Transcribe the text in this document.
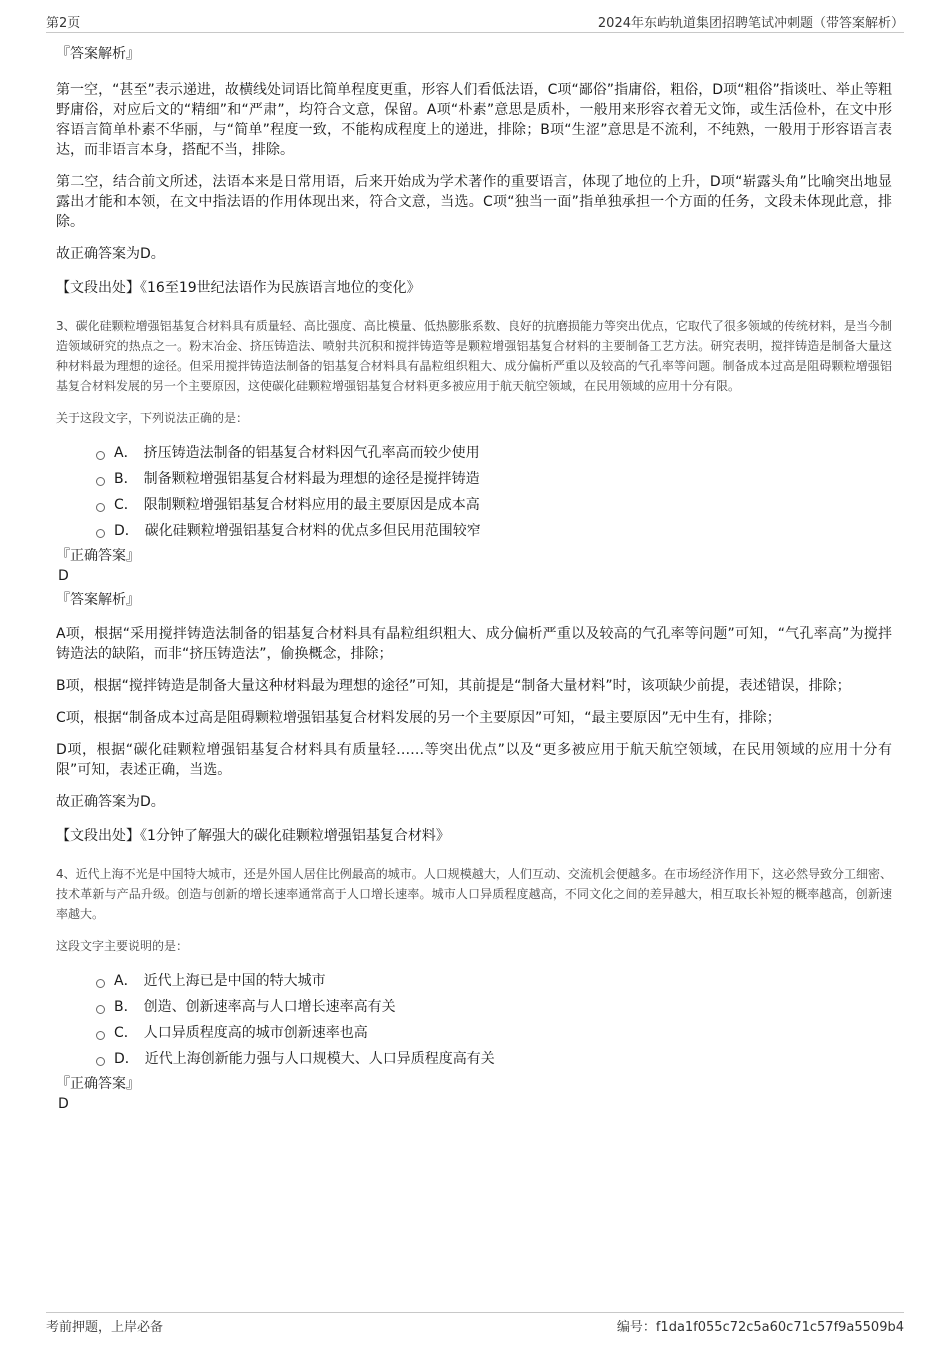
第2页	2024年东屿轨道集团招聘笔试冲刺题（带答案解析）

『答案解析』

第一空，“甚至”表示递进，故横线处词语比简单程度更重，形容人们看低法语，C项“鄙俗”指庸俗，粗俗，D项“粗俗”指谈吐、举止等粗野庸俗，对应后文的“精细”和“严肃”，均符合文意，保留。A项“朴素”意思是质朴，一般用来形容衣着无文饰，或生活俭朴，在文中形容语言简单朴素不华丽，与“简单”程度一致，不能构成程度上的递进，排除；B项“生涩”意思是不流利，不纯熟，一般用于形容语言表达，而非语言本身，搭配不当，排除。

第二空，结合前文所述，法语本来是日常用语，后来开始成为学术著作的重要语言，体现了地位的上升，D项“崭露头角”比喻突出地显露出才能和本领，在文中指法语的作用体现出来，符合文意，当选。C项“独当一面”指单独承担一个方面的任务，文段未体现此意，排除。

故正确答案为D。

【文段出处】《16至19世纪法语作为民族语言地位的变化》

3、碳化硅颗粒增强铝基复合材料具有质量轻、高比强度、高比模量、低热膨胀系数、良好的抗磨损能力等突出优点，它取代了很多领域的传统材料，是当今制造领域研究的热点之一。粉末冶金、挤压铸造法、喷射共沉积和搅拌铸造等是颗粒增强铝基复合材料的主要制备工艺方法。研究表明，搅拌铸造是制备大量这种材料最为理想的途径。但采用搅拌铸造法制备的铝基复合材料具有晶粒组织粗大、成分偏析严重以及较高的气孔率等问题。制备成本过高是阻碍颗粒增强铝基复合材料发展的另一个主要原因，这使碳化硅颗粒增强铝基复合材料更多被应用于航天航空领域，在民用领域的应用十分有限。

关于这段文字，下列说法正确的是：

A． 挤压铸造法制备的铝基复合材料因气孔率高而较少使用
B． 制备颗粒增强铝基复合材料最为理想的途径是搅拌铸造
C． 限制颗粒增强铝基复合材料应用的最主要原因是成本高
D． 碳化硅颗粒增强铝基复合材料的优点多但民用范围较窄

『正确答案』

D

『答案解析』

A项，根据“采用搅拌铸造法制备的铝基复合材料具有晶粒组织粗大、成分偏析严重以及较高的气孔率等问题”可知，“气孔率高”为搅拌铸造法的缺陷，而非“挤压铸造法”，偷换概念，排除；

B项，根据“搅拌铸造是制备大量这种材料最为理想的途径”可知，其前提是“制备大量材料”时，该项缺少前提，表述错误，排除；

C项，根据“制备成本过高是阻碍颗粒增强铝基复合材料发展的另一个主要原因”可知，“最主要原因”无中生有，排除；

D项，根据“碳化硅颗粒增强铝基复合材料具有质量轻……等突出优点”以及“更多被应用于航天航空领域，在民用领域的应用十分有限”可知，表述正确，当选。

故正确答案为D。

【文段出处】《1分钟了解强大的碳化硅颗粒增强铝基复合材料》

4、近代上海不光是中国特大城市，还是外国人居住比例最高的城市。人口规模越大，人们互动、交流机会便越多。在市场经济作用下，这必然导致分工细密、技术革新与产品升级。创造与创新的增长速率通常高于人口增长速率。城市人口异质程度越高，不同文化之间的差异越大，相互取长补短的概率越高，创新速率越大。

这段文字主要说明的是：

A． 近代上海已是中国的特大城市
B． 创造、创新速率高与人口增长速率高有关
C． 人口异质程度高的城市创新速率也高
D． 近代上海创新能力强与人口规模大、人口异质程度高有关

『正确答案』

D

考前押题，上岸必备	编号：f1da1f055c72c5a60c71c57f9a5509b4
